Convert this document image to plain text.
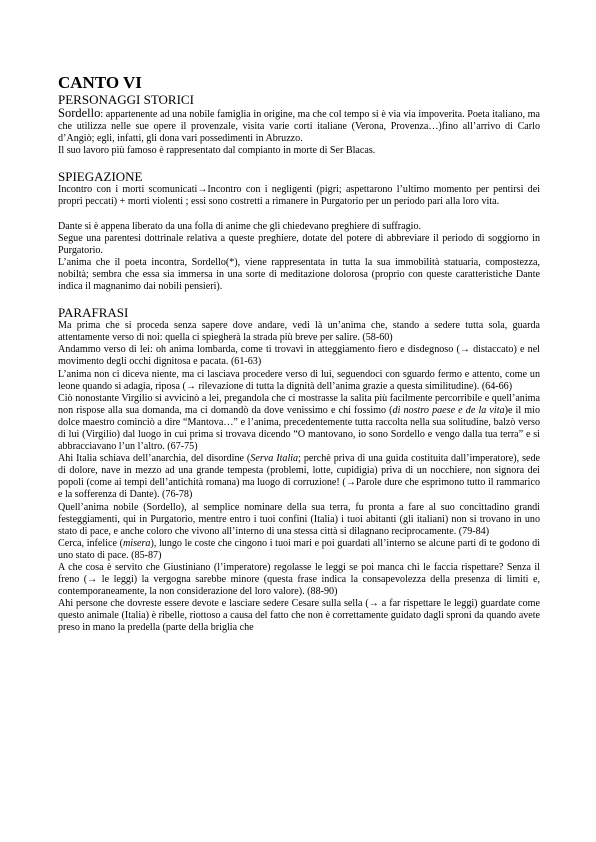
CANTO VI
PERSONAGGI STORICI

Sordello: appartenente ad una nobile famiglia in origine, ma che col tempo si è via via impoverita. Poeta italiano, ma che utilizza nelle sue opere il provenzale, visita varie corti italiane (Verona, Provenza…)fino all’arrivo di Carlo d’Angiò; egli, infatti, gli dona vari possedimenti in Abruzzo.

Il suo lavoro più famoso è rappresentato dal compianto in morte di Ser Blacas.

SPIEGAZIONE

Incontro con i morti scomunicati→Incontro con i negligenti (pigri; aspettarono l’ultimo momento per pentirsi dei propri peccati) + morti violenti ; essi sono costretti a rimanere in Purgatorio per un periodo pari alla loro vita.

Dante si è appena liberato da una folla di anime che gli chiedevano preghiere di suffragio.

Segue una parentesi dottrinale relativa a queste preghiere, dotate del potere di abbreviare il periodo di soggiorno in Purgatorio.

L’anima che il poeta incontra, Sordello(*), viene rappresentata in tutta la sua immobilità statuaria, compostezza, nobiltà; sembra che essa sia immersa in una sorte di meditazione dolorosa (proprio con queste caratteristiche Dante indica il magnanimo dai nobili pensieri).

PARAFRASI

Ma prima che si proceda senza sapere dove andare, vedi là un’anima che, stando a sedere tutta sola, guarda attentamente verso di noi: quella ci spiegherà la strada più breve per salire. (58-60)

Andammo verso di lei: oh anima lombarda, come ti trovavi in atteggiamento fiero e disdegnoso (→ distaccato) e nel movimento degli occhi dignitosa e pacata. (61-63)

L’anima non ci diceva niente, ma ci lasciava procedere verso di lui, seguendoci con sguardo fermo e attento, come un leone quando si adagia, riposa (→ rilevazione di tutta la dignità dell’anima grazie a questa similitudine). (64-66)

Ciò nonostante Virgilio si avvicinò a lei, pregandola che ci mostrasse la salita più facilmente percorribile e quell’anima non rispose alla sua domanda, ma ci domandò da dove venissimo e chi fossimo (di nostro paese e de la vita)e il mio dolce maestro cominciò a dire “Mantova…” e l’anima, precedentemente tutta raccolta nella sua solitudine, balzò verso di lui (Virgilio) dal luogo in cui prima si trovava dicendo “O mantovano, io sono Sordello e vengo dalla tua terra” e si abbracciavano l’un l’altro. (67-75)

Ahi Italia schiava dell’anarchia, del disordine (Serva Italia; perchè priva di una guida costituita dall’imperatore), sede di dolore, nave in mezzo ad una grande tempesta (problemi, lotte, cupidigia) priva di un nocchiere, non signora dei popoli (come ai tempi dell’antichità romana) ma luogo di corruzione! (→Parole dure che esprimono tutto il rammarico e la sofferenza di Dante). (76-78)

Quell’anima nobile (Sordello), al semplice nominare della sua terra, fu pronta a fare al suo concittadino grandi festeggiamenti, qui in Purgatorio, mentre entro i tuoi confini (Italia) i tuoi abitanti (gli italiani) non si trovano in uno stato di pace, e anche coloro che vivono all’interno di una stessa città si dilagnano reciprocamente. (79-84)

Cerca, infelice (misera), lungo le coste che cingono i tuoi mari e poi guardati all’interno se alcune parti di te godono di uno stato di pace. (85-87)

A che cosa è servito che Giustiniano (l’imperatore) regolasse le leggi se poi manca chi le faccia rispettare? Senza il freno (→ le leggi) la vergogna sarebbe minore (questa frase indica la consapevolezza della presenza di limiti e, contemporaneamente, la non considerazione del loro valore). (88-90)

Ahi persone che dovreste essere devote e lasciare sedere Cesare sulla sella (→ a far rispettare le leggi) guardate come questo animale (Italia) è ribelle, riottoso a causa del fatto che non è correttamente guidato dagli sproni da quando avete preso in mano la predella (parte della briglia che
